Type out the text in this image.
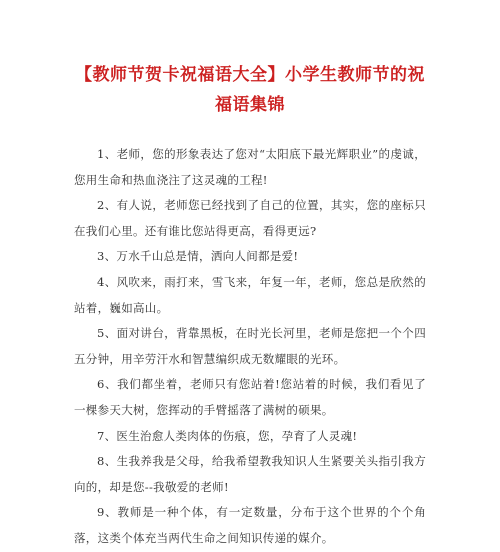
【教师节贺卡祝福语大全】小学生教师节的祝福语集锦

1、老师，您的形象表达了您对“太阳底下最光辉职业”的虔诚，您用生命和热血浇注了这灵魂的工程!

2、有人说，老师您已经找到了自己的位置，其实，您的座标只在我们心里。还有谁比您站得更高，看得更远?

3、万水千山总是情，洒向人间都是爱!

4、风吹来，雨打来，雪飞来，年复一年，老师，您总是欣然的站着，巍如高山。

5、面对讲台，背靠黑板，在时光长河里，老师是您把一个个四五分钟，用辛劳汗水和智慧编织成无数耀眼的光环。

6、我们都坐着，老师只有您站着!您站着的时候，我们看见了一棵参天大树，您挥动的手臂摇落了满树的硕果。

7、医生治愈人类肉体的伤痕，您，孕育了人灵魂!

8、生我养我是父母，给我希望教我知识人生紧要关头指引我方向的，却是您--我敬爱的老师!

9、教师是一种个体，有一定数量，分布于这个世界的个个角落，这类个体充当两代生命之间知识传递的媒介。
